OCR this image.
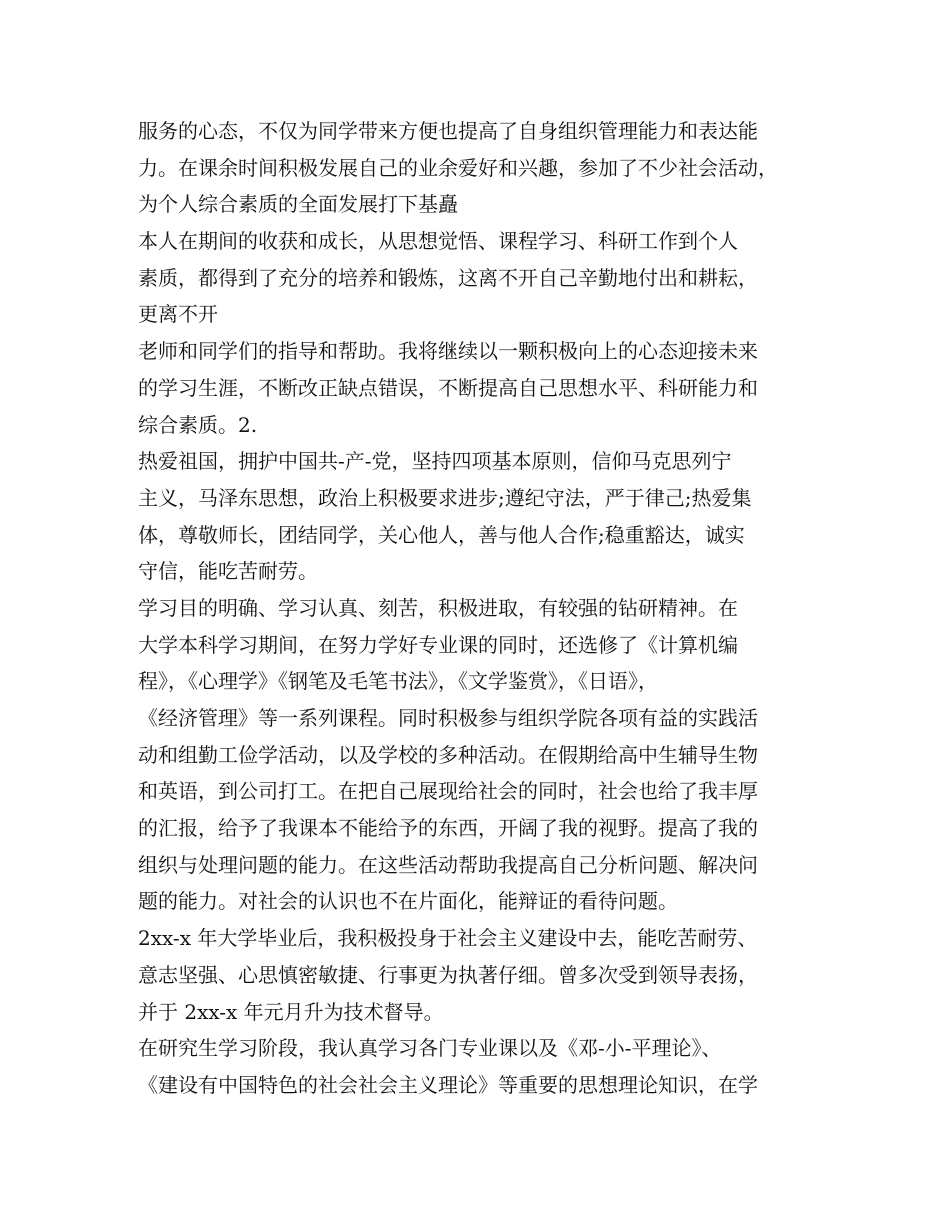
服务的心态，不仅为同学带来方便也提高了自身组织管理能力和表达能
力。在课余时间积极发展自己的业余爱好和兴趣，参加了不少社会活动，
为个人综合素质的全面发展打下基矗
本人在期间的收获和成长，从思想觉悟、课程学习、科研工作到个人
素质，都得到了充分的培养和锻炼，这离不开自己辛勤地付出和耕耘，
更离不开
老师和同学们的指导和帮助。我将继续以一颗积极向上的心态迎接未来
的学习生涯，不断改正缺点错误，不断提高自己思想水平、科研能力和
综合素质。2.
热爱祖国，拥护中国共-产-党，坚持四项基本原则，信仰马克思列宁
主义，马泽东思想，政治上积极要求进步;遵纪守法，严于律己;热爱集
体，尊敬师长，团结同学，关心他人，善与他人合作;稳重豁达，诚实
守信，能吃苦耐劳。
学习目的明确、学习认真、刻苦，积极进取，有较强的钻研精神。在
大学本科学习期间，在努力学好专业课的同时，还选修了《计算机编
程》，《心理学》《钢笔及毛笔书法》，《文学鉴赏》，《日语》，
《经济管理》等一系列课程。同时积极参与组织学院各项有益的实践活
动和组勤工俭学活动，以及学校的多种活动。在假期给高中生辅导生物
和英语，到公司打工。在把自己展现给社会的同时，社会也给了我丰厚
的汇报，给予了我课本不能给予的东西，开阔了我的视野。提高了我的
组织与处理问题的能力。在这些活动帮助我提高自己分析问题、解决问
题的能力。对社会的认识也不在片面化，能辩证的看待问题。
2xx-x 年大学毕业后，我积极投身于社会主义建设中去，能吃苦耐劳、
意志坚强、心思慎密敏捷、行事更为执著仔细。曾多次受到领导表扬，
并于 2xx-x 年元月升为技术督导。
在研究生学习阶段，我认真学习各门专业课以及《邓-小-平理论》、
《建设有中国特色的社会社会主义理论》等重要的思想理论知识，在学
